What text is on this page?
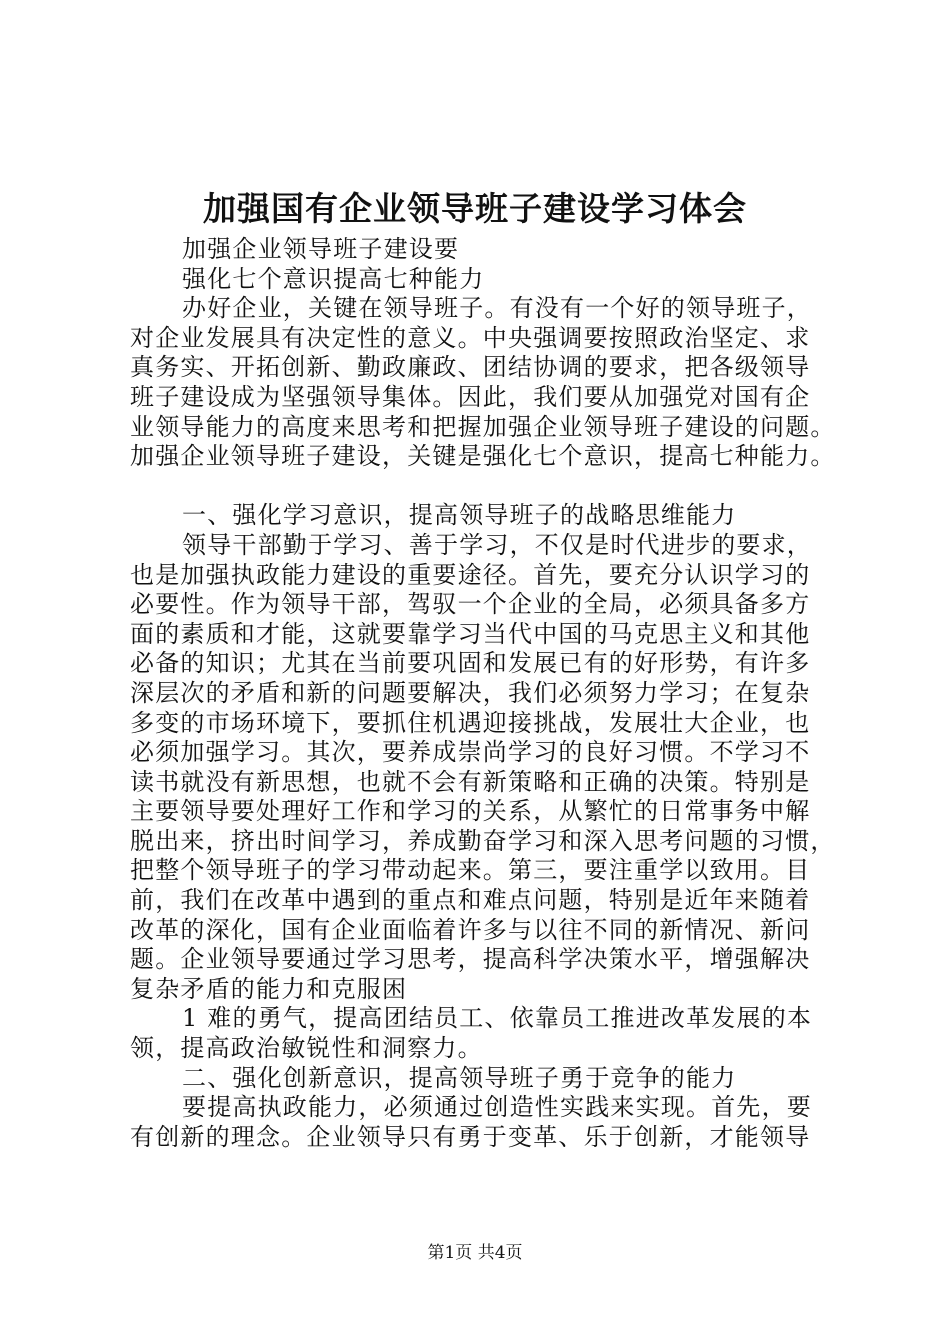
加强国有企业领导班子建设学习体会
加强企业领导班子建设要
强化七个意识提高七种能力
办好企业，关键在领导班子。有没有一个好的领导班子，
对企业发展具有决定性的意义。中央强调要按照政治坚定、求
真务实、开拓创新、勤政廉政、团结协调的要求，把各级领导
班子建设成为坚强领导集体。因此，我们要从加强党对国有企
业领导能力的高度来思考和把握加强企业领导班子建设的问题。
加强企业领导班子建设，关键是强化七个意识，提高七种能力。
一、强化学习意识，提高领导班子的战略思维能力
领导干部勤于学习、善于学习，不仅是时代进步的要求，
也是加强执政能力建设的重要途径。首先，要充分认识学习的
必要性。作为领导干部，驾驭一个企业的全局，必须具备多方
面的素质和才能，这就要靠学习当代中国的马克思主义和其他
必备的知识；尤其在当前要巩固和发展已有的好形势，有许多
深层次的矛盾和新的问题要解决，我们必须努力学习；在复杂
多变的市场环境下，要抓住机遇迎接挑战，发展壮大企业，也
必须加强学习。其次，要养成崇尚学习的良好习惯。不学习不
读书就没有新思想，也就不会有新策略和正确的决策。特别是
主要领导要处理好工作和学习的关系，从繁忙的日常事务中解
脱出来，挤出时间学习，养成勤奋学习和深入思考问题的习惯，
把整个领导班子的学习带动起来。第三，要注重学以致用。目
前，我们在改革中遇到的重点和难点问题，特别是近年来随着
改革的深化，国有企业面临着许多与以往不同的新情况、新问
题。企业领导要通过学习思考，提高科学决策水平，增强解决
复杂矛盾的能力和克服困
1 难的勇气，提高团结员工、依靠员工推进改革发展的本
领，提高政治敏锐性和洞察力。
二、强化创新意识，提高领导班子勇于竞争的能力
要提高执政能力，必须通过创造性实践来实现。首先，要
有创新的理念。企业领导只有勇于变革、乐于创新，才能领导
第1页 共4页
